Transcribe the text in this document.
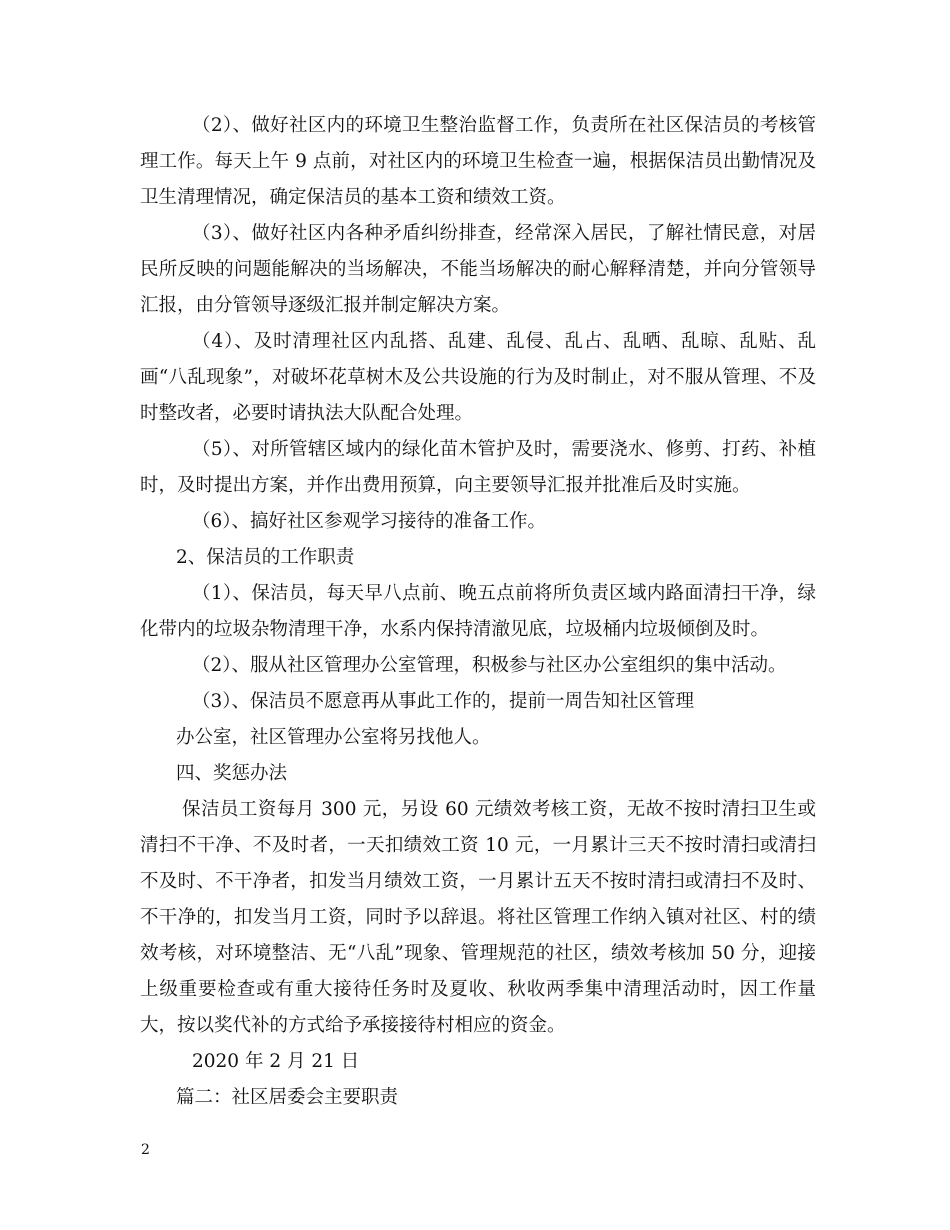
（2）、做好社区内的环境卫生整治监督工作，负责所在社区保洁员的考核管理工作。每天上午 9 点前，对社区内的环境卫生检查一遍，根据保洁员出勤情况及卫生清理情况，确定保洁员的基本工资和绩效工资。

（3）、做好社区内各种矛盾纠纷排查，经常深入居民，了解社情民意，对居民所反映的问题能解决的当场解决，不能当场解决的耐心解释清楚，并向分管领导汇报，由分管领导逐级汇报并制定解决方案。

（4）、及时清理社区内乱搭、乱建、乱侵、乱占、乱晒、乱晾、乱贴、乱画“八乱现象”，对破坏花草树木及公共设施的行为及时制止，对不服从管理、不及时整改者，必要时请执法大队配合处理。

（5）、对所管辖区域内的绿化苗木管护及时，需要浇水、修剪、打药、补植时，及时提出方案，并作出费用预算，向主要领导汇报并批准后及时实施。

（6）、搞好社区参观学习接待的准备工作。

2、保洁员的工作职责

（1）、保洁员，每天早八点前、晚五点前将所负责区域内路面清扫干净，绿化带内的垃圾杂物清理干净，水系内保持清澈见底，垃圾桶内垃圾倾倒及时。

（2）、服从社区管理办公室管理，积极参与社区办公室组织的集中活动。

（3）、保洁员不愿意再从事此工作的，提前一周告知社区管理

办公室，社区管理办公室将另找他人。

四、奖惩办法

保洁员工资每月 300 元，另设 60 元绩效考核工资，无故不按时清扫卫生或清扫不干净、不及时者，一天扣绩效工资 10 元，一月累计三天不按时清扫或清扫不及时、不干净者，扣发当月绩效工资，一月累计五天不按时清扫或清扫不及时、不干净的，扣发当月工资，同时予以辞退。将社区管理工作纳入镇对社区、村的绩效考核，对环境整洁、无“八乱”现象、管理规范的社区，绩效考核加 50 分，迎接上级重要检查或有重大接待任务时及夏收、秋收两季集中清理活动时，因工作量大，按以奖代补的方式给予承接接待村相应的资金。

2020 年 2 月 21 日

篇二：社区居委会主要职责

2
